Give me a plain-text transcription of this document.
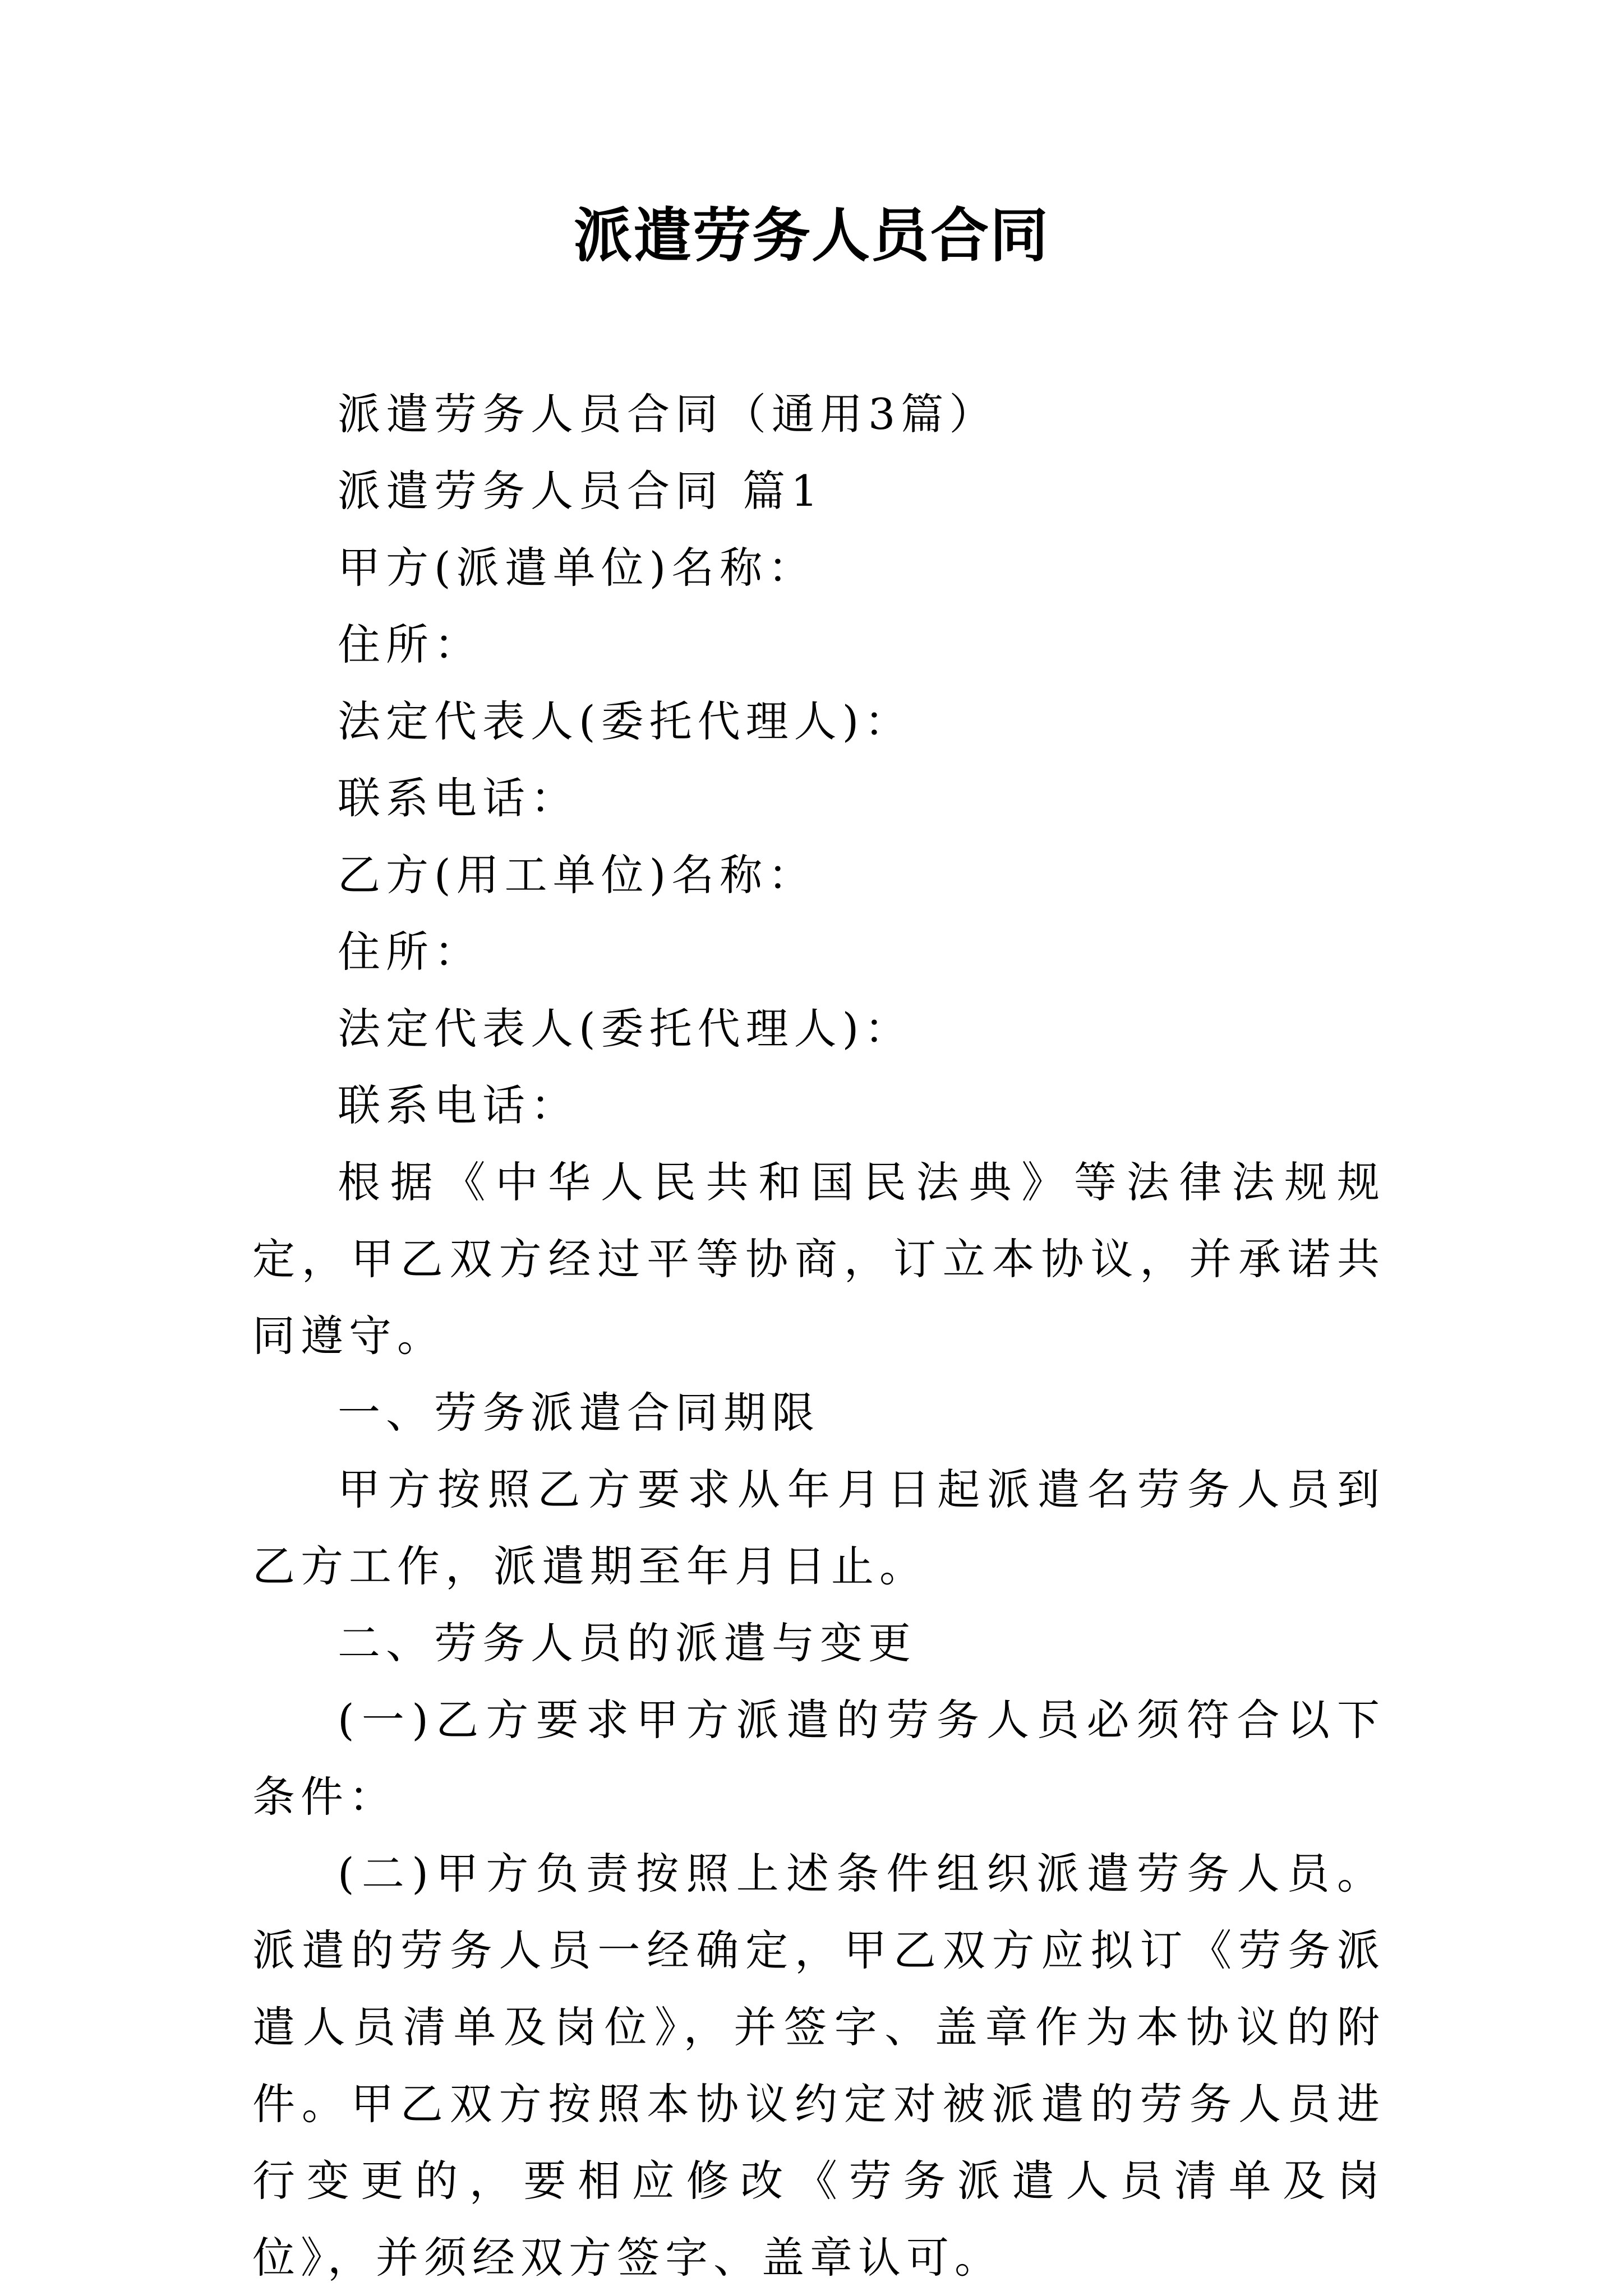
派遣劳务人员合同

派遣劳务人员合同（通用3篇）

派遣劳务人员合同 篇1

甲方(派遣单位)名称：

住所：

法定代表人(委托代理人)：

联系电话：

乙方(用工单位)名称：

住所：

法定代表人(委托代理人)：

联系电话：

根据《中华人民共和国民法典》等法律法规规定，甲乙双方经过平等协商，订立本协议，并承诺共同遵守。

一、劳务派遣合同期限

甲方按照乙方要求从年月日起派遣名劳务人员到乙方工作，派遣期至年月日止。

二、劳务人员的派遣与变更

(一)乙方要求甲方派遣的劳务人员必须符合以下条件：

(二)甲方负责按照上述条件组织派遣劳务人员。派遣的劳务人员一经确定，甲乙双方应拟订《劳务派遣人员清单及岗位》，并签字、盖章作为本协议的附件。甲乙双方按照本协议约定对被派遣的劳务人员进行变更的，要相应修改《劳务派遣人员清单及岗位》，并须经双方签字、盖章认可。
